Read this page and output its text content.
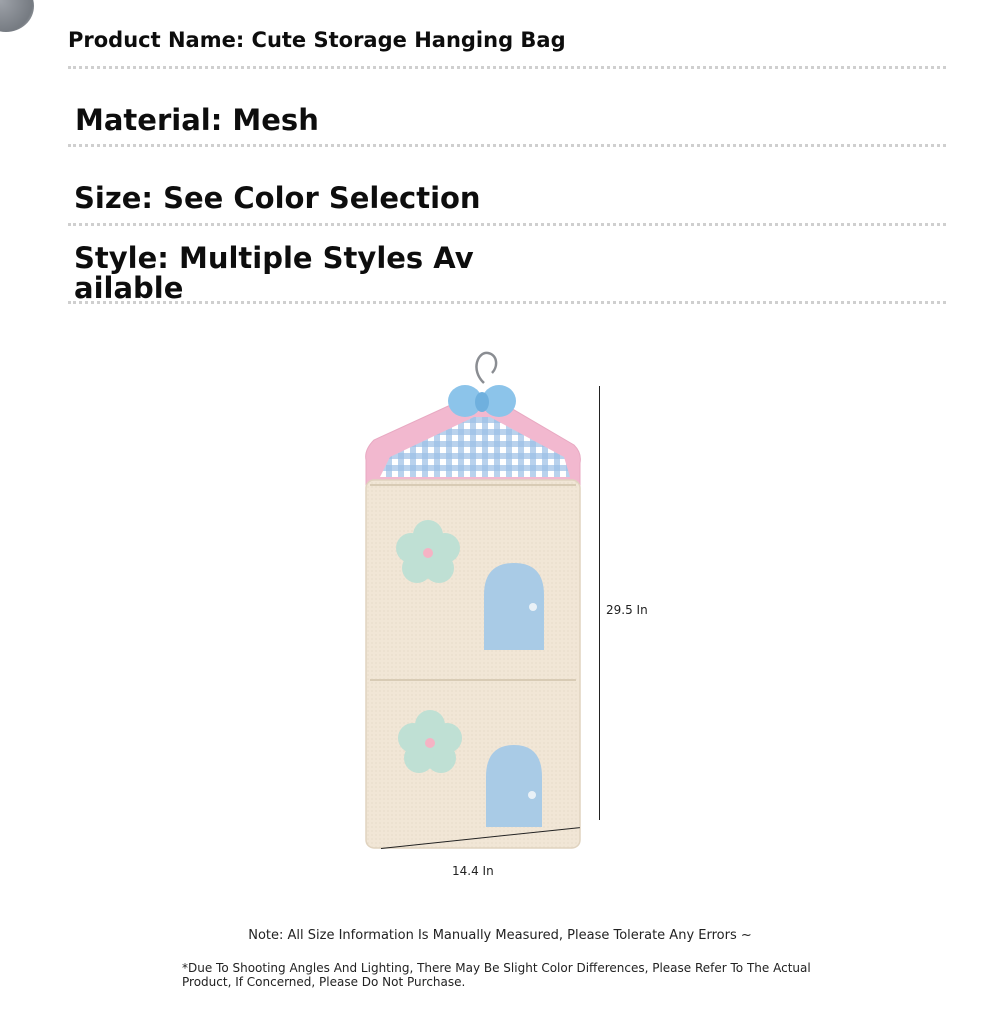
Product Name: Cute Storage Hanging Bag
Material: Mesh
Size: See Color Selection
Style: Multiple Styles Av
ailable
29.5 In
14.4 In
Note: All Size Information Is Manually Measured, Please Tolerate Any Errors ~
*Due To Shooting Angles And Lighting, There May Be Slight Color Differences, Please Refer To The Actual Product, If Concerned, Please Do Not Purchase.
